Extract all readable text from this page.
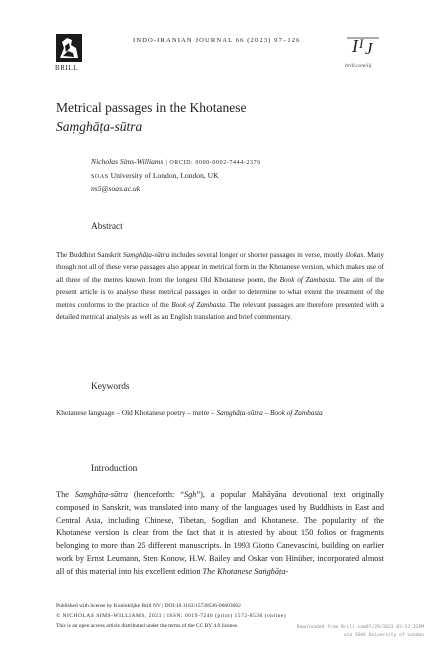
BRILL
INDO-IRANIAN JOURNAL 66 (2023) 97–126	I I J
brill.com/iij
Metrical passages in the Khotanese
Saṃghāṭa-sūtra
Nicholas Sims-Williams | ORCID: 0000-0002-7444-2376
SOAS University of London, London, UK
ns5@soas.ac.uk
Abstract
The Buddhist Sanskrit Saṃghāṭa-sūtra includes several longer or shorter passages in verse, mostly ślokas. Many though not all of these verse passages also appear in metrical form in the Khotanese version, which makes use of all three of the metres known from the longest Old Khotanese poem, the Book of Zambasta. The aim of the present article is to analyse these metrical passages in order to determine to what extent the treatment of the metres conforms to the practice of the Book of Zambasta. The relevant passages are therefore presented with a detailed metrical analysis as well as an English translation and brief commentary.
Keywords
Khotanese language – Old Khotanese poetry – metre – Saṃghāṭa-sūtra – Book of Zambasta
Introduction
The Saṃghāṭa-sūtra (henceforth: “Sgh”), a popular Mahāyāna devotional text originally composed in Sanskrit, was translated into many of the languages used by Buddhists in East and Central Asia, including Chinese, Tibetan, Sogdian and Khotanese. The popularity of the Khotanese version is clear from the fact that it is attested by about 150 folios or fragments belonging to more than 25 different manuscripts. In 1993 Giotto Canevascini, building on earlier work by Ernst Leumann, Sten Konow, H.W. Bailey and Oskar von Hinüber, incorporated almost all of this material into his excellent edition The Khotanese Saṅghāṭa-
Published with license by Koninklijke Brill NV | DOI:10.1163/15728536-06603002
© NICHOLAS SIMS-WILLIAMS, 2023 | ISSN: 0019-7246 (print) 1572-8536 (online)
This is an open access article distributed under the terms of the CC BY 4.0 license.	Downloaded from Brill.com07/29/2023 03:52:33PM
via SOAS University of London
